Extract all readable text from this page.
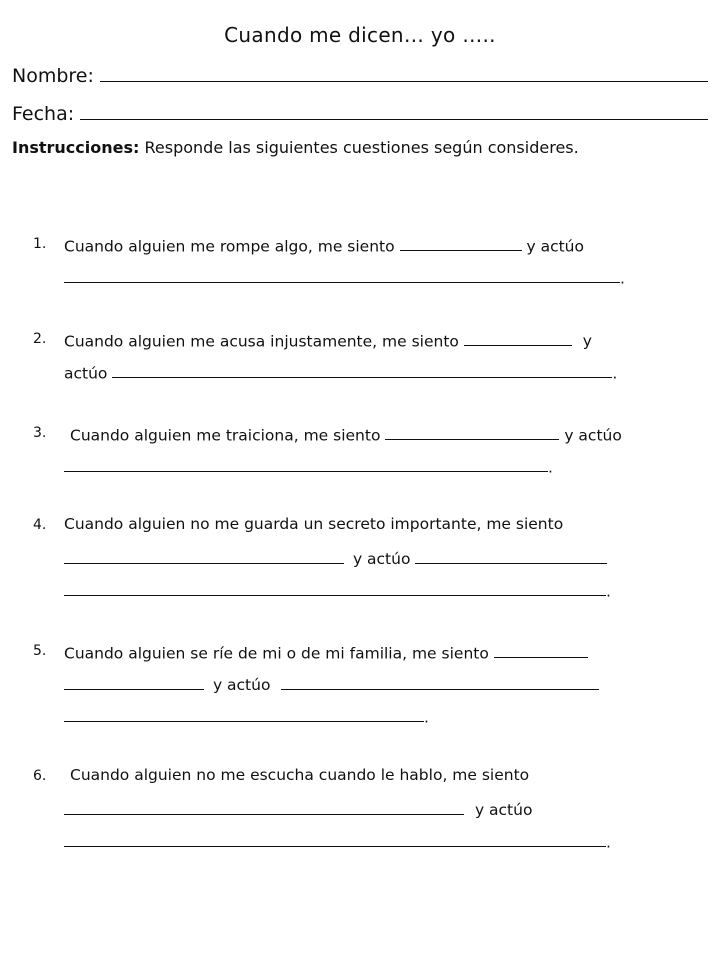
Cuando me dicen… yo …..
Nombre:
Fecha:
Instrucciones: Responde las siguientes cuestiones según consideres.
1. Cuando alguien me rompe algo, me siento	y actúo
.
2. Cuando alguien me acusa injustamente, me siento	y
actúo	.
3. Cuando alguien me traiciona, me siento	y actúo
.
4. Cuando alguien no me guarda un secreto importante, me siento
y actúo
.
5. Cuando alguien se ríe de mi o de mi familia, me siento
y actúo
.
6. Cuando alguien no me escucha cuando le hablo, me siento
y actúo
.
